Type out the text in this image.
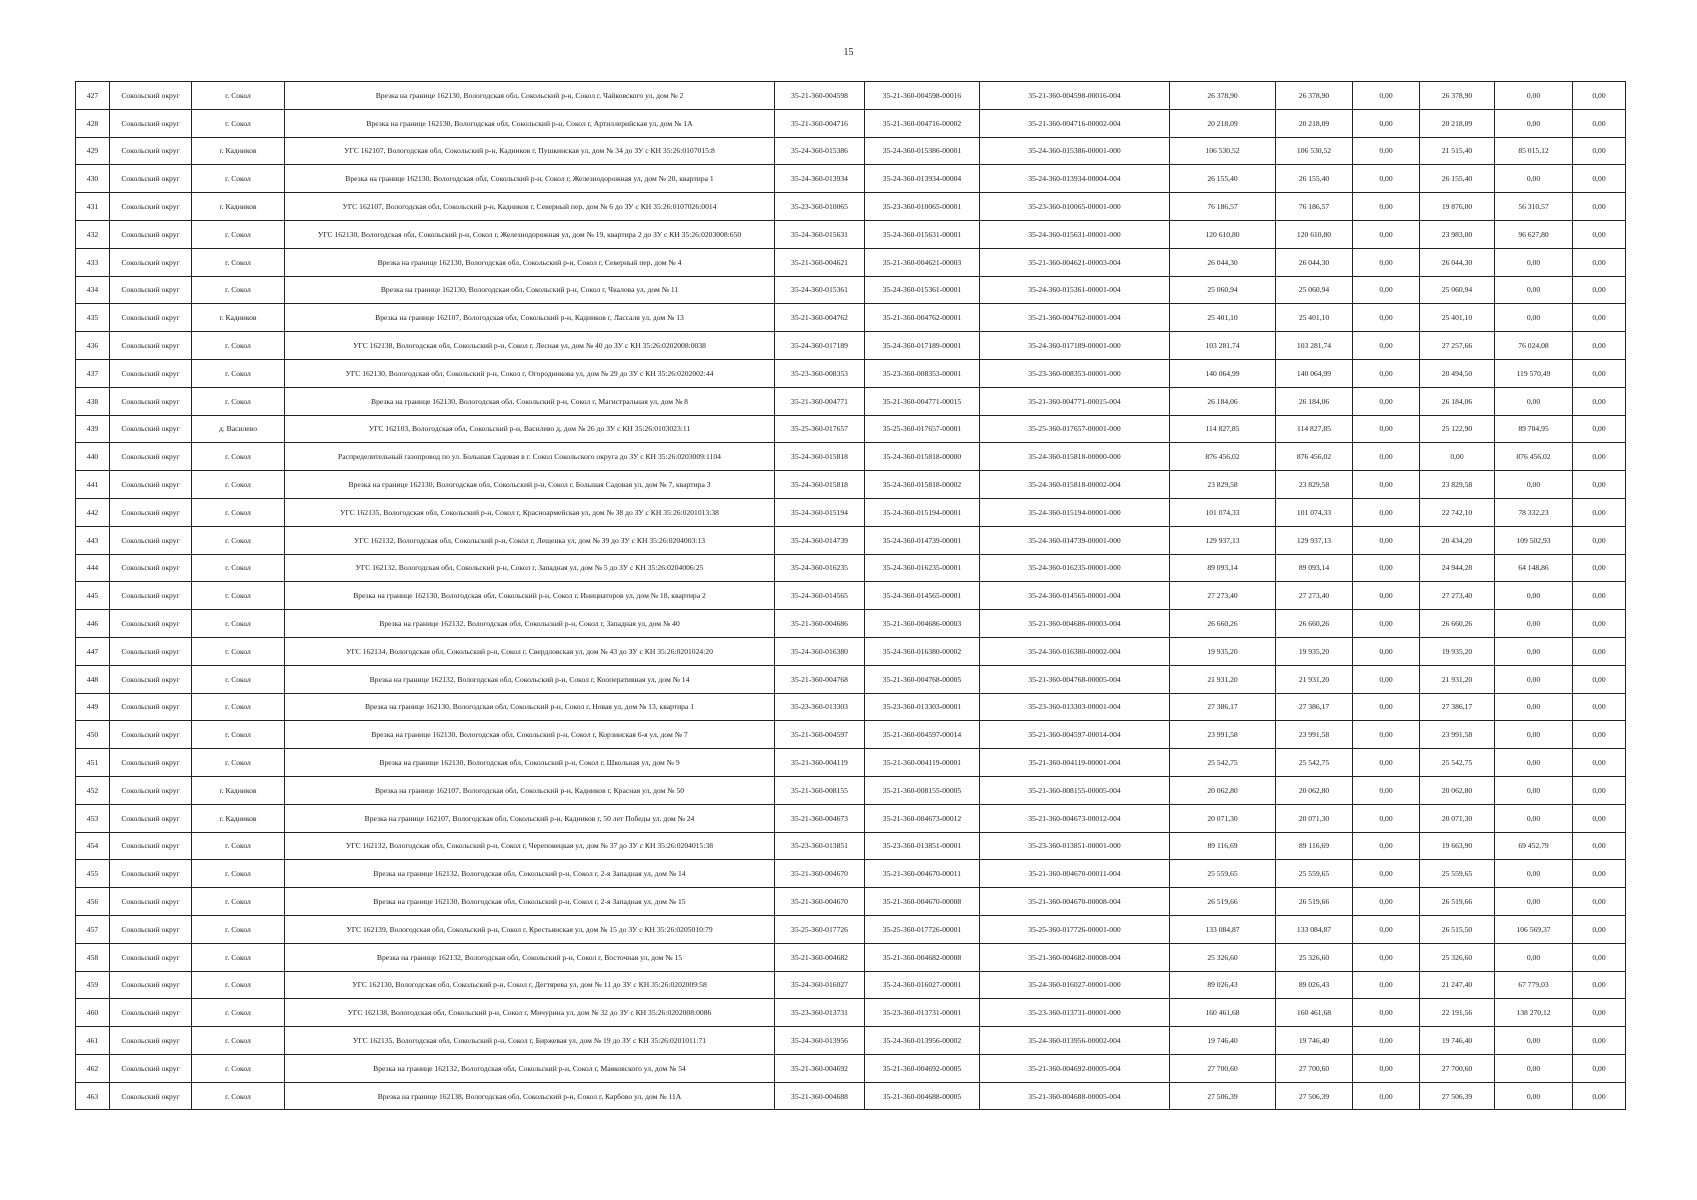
15
427	Сокольский округ	г. Сокол	Врезка на границе 162130, Вологодская обл, Сокольский р-н, Сокол г, Чайковского ул, дом № 2	35-21-360-004598	35-21-360-004598-00016	35-21-360-004598-00016-004	26 378,90	26 378,90	0,00	26 378,90	0,00	0,00
428	Сокольский округ	г. Сокол	Врезка на границе 162130, Вологодская обл, Сокольский р-н, Сокол г, Артиллерийская ул, дом № 1А	35-21-360-004716	35-21-360-004716-00002	35-21-360-004716-00002-004	20 218,09	20 218,09	0,00	20 218,09	0,00	0,00
429	Сокольский округ	г. Кадников	УГС 162107, Вологодская обл, Сокольский р-н, Кадников г, Пушкинская ул, дом № 34 до ЗУ с КН 35:26:0107015:8	35-24-360-015386	35-24-360-015386-00001	35-24-360-015386-00001-000	106 530,52	106 530,52	0,00	21 515,40	85 015,12	0,00
430	Сокольский округ	г. Сокол	Врезка на границе 162130, Вологодская обл, Сокольский р-н, Сокол г, Железнодорожная ул, дом № 20, квартира 1	35-24-360-013934	35-24-360-013934-00004	35-24-360-013934-00004-004	26 155,40	26 155,40	0,00	26 155,40	0,00	0,00
431	Сокольский округ	г. Кадников	УГС 162107, Вологодская обл, Сокольский р-н, Кадников г, Северный пер, дом № 6 до ЗУ с КН 35:26:0107026:0014	35-23-360-010065	35-23-360-010065-00001	35-23-360-010065-00001-000	76 186,57	76 186,57	0,00	19 876,00	56 310,57	0,00
432	Сокольский округ	г. Сокол	УГС 162130, Вологодская обл, Сокольский р-н, Сокол г, Железнодорожная ул, дом № 19, квартира 2 до ЗУ с КН 35:26:0203008:650	35-24-360-015631	35-24-360-015631-00001	35-24-360-015631-00001-000	120 610,80	120 610,80	0,00	23 983,00	96 627,80	0,00
433	Сокольский округ	г. Сокол	Врезка на границе 162130, Вологодская обл, Сокольский р-н, Сокол г, Северный пер, дом № 4	35-21-360-004621	35-21-360-004621-00003	35-21-360-004621-00003-004	26 044,30	26 044,30	0,00	26 044,30	0,00	0,00
434	Сокольский округ	г. Сокол	Врезка на границе 162130, Вологодская обл, Сокольский р-н, Сокол г, Чкалова ул, дом № 11	35-24-360-015361	35-24-360-015361-00001	35-24-360-015361-00001-004	25 060,94	25 060,94	0,00	25 060,94	0,00	0,00
435	Сокольский округ	г. Кадников	Врезка на границе 162107, Вологодская обл, Сокольский р-н, Кадников г, Лассаля ул, дом № 13	35-21-360-004762	35-21-360-004762-00001	35-21-360-004762-00001-004	25 401,10	25 401,10	0,00	25 401,10	0,00	0,00
436	Сокольский округ	г. Сокол	УГС 162138, Вологодская обл, Сокольский р-н, Сокол г, Лесная ул, дом № 40 до ЗУ с КН 35:26:0202008:0038	35-24-360-017189	35-24-360-017189-00001	35-24-360-017189-00001-000	103 281,74	103 281,74	0,00	27 257,66	76 024,08	0,00
437	Сокольский округ	г. Сокол	УГС 162130, Вологодская обл, Сокольский р-н, Сокол г, Огородникова ул, дом № 29 до ЗУ с КН 35:26:0202002:44	35-23-360-008353	35-23-360-008353-00001	35-23-360-008353-00001-000	140 064,99	140 064,99	0,00	20 494,50	119 570,49	0,00
438	Сокольский округ	г. Сокол	Врезка на границе 162130, Вологодская обл, Сокольский р-н, Сокол г, Магистральная ул, дом № 8	35-21-360-004771	35-21-360-004771-00015	35-21-360-004771-00015-004	26 184,06	26 184,06	0,00	26 184,06	0,00	0,00
439	Сокольский округ	д. Василево	УГС 162103, Вологодская обл, Сокольский р-н, Василево д, дом № 26 до ЗУ с КН 35:26:0103023:11	35-25-360-017657	35-25-360-017657-00001	35-25-360-017657-00001-000	114 827,85	114 827,85	0,00	25 122,90	89 704,95	0,00
440	Сокольский округ	г. Сокол	Распределительный газопровод по ул. Большая Садовая в г. Сокол Сокольского округа до ЗУ с КН 35:26:0203009:1104	35-24-360-015818	35-24-360-015818-00000	35-24-360-015818-00000-000	876 456,02	876 456,02	0,00	0,00	876 456,02	0,00
441	Сокольский округ	г. Сокол	Врезка на границе 162130, Вологодская обл, Сокольский р-н, Сокол г, Большая Садовая ул, дом № 7, квартира 3	35-24-360-015818	35-24-360-015818-00002	35-24-360-015818-00002-004	23 829,58	23 829,58	0,00	23 829,58	0,00	0,00
442	Сокольский округ	г. Сокол	УГС 162135, Вологодская обл, Сокольский р-н, Сокол г, Красноармейская ул, дом № 38 до ЗУ с КН 35:26:0201013:38	35-24-360-015194	35-24-360-015194-00001	35-24-360-015194-00001-000	101 074,33	101 074,33	0,00	22 742,10	78 332,23	0,00
443	Сокольский округ	г. Сокол	УГС 162132, Вологодская обл, Сокольский р-н, Сокол г, Лещенка ул, дом № 39 до ЗУ с КН 35:26:0204003:13	35-24-360-014739	35-24-360-014739-00001	35-24-360-014739-00001-000	129 937,13	129 937,13	0,00	20 434,20	109 502,93	0,00
444	Сокольский округ	г. Сокол	УГС 162132, Вологодская обл, Сокольский р-н, Сокол г, Западная ул, дом № 5 до ЗУ с КН 35:26:0204006:25	35-24-360-016235	35-24-360-016235-00001	35-24-360-016235-00001-000	89 093,14	89 093,14	0,00	24 944,28	64 148,86	0,00
445	Сокольский округ	г. Сокол	Врезка на границе 162130, Вологодская обл, Сокольский р-н, Сокол г, Инициаторов ул, дом № 18, квартира 2	35-24-360-014565	35-24-360-014565-00001	35-24-360-014565-00001-004	27 273,40	27 273,40	0,00	27 273,40	0,00	0,00
446	Сокольский округ	г. Сокол	Врезка на границе 162132, Вологодская обл, Сокольский р-н, Сокол г, Западная ул, дом № 40	35-21-360-004686	35-21-360-004686-00003	35-21-360-004686-00003-004	26 660,26	26 660,26	0,00	26 660,26	0,00	0,00
447	Сокольский округ	г. Сокол	УГС 162134, Вологодская обл, Сокольский р-н, Сокол г, Свердловская ул, дом № 43 до ЗУ с КН 35:26:0201024:20	35-24-360-016380	35-24-360-016380-00002	35-24-360-016380-00002-004	19 935,20	19 935,20	0,00	19 935,20	0,00	0,00
448	Сокольский округ	г. Сокол	Врезка на границе 162132, Вологодская обл, Сокольский р-н, Сокол г, Кооперативная ул, дом № 14	35-21-360-004768	35-21-360-004768-00005	35-21-360-004768-00005-004	21 931,20	21 931,20	0,00	21 931,20	0,00	0,00
449	Сокольский округ	г. Сокол	Врезка на границе 162130, Вологодская обл, Сокольский р-н, Сокол г, Новая ул, дом № 13, квартира 1	35-23-360-013303	35-23-360-013303-00001	35-23-360-013303-00001-004	27 386,17	27 386,17	0,00	27 386,17	0,00	0,00
450	Сокольский округ	г. Сокол	Врезка на границе 162130, Вологодская обл, Сокольский р-н, Сокол г, Корзинская 6-я ул, дом № 7	35-21-360-004597	35-21-360-004597-00014	35-21-360-004597-00014-004	23 991,58	23 991,58	0,00	23 991,58	0,00	0,00
451	Сокольский округ	г. Сокол	Врезка на границе 162130, Вологодская обл, Сокольский р-н, Сокол г, Школьная ул, дом № 9	35-21-360-004119	35-21-360-004119-00001	35-21-360-004119-00001-004	25 542,75	25 542,75	0,00	25 542,75	0,00	0,00
452	Сокольский округ	г. Кадников	Врезка на границе 162107, Вологодская обл, Сокольский р-н, Кадников г, Красная ул, дом № 50	35-21-360-008155	35-21-360-008155-00005	35-21-360-008155-00005-004	20 062,80	20 062,80	0,00	20 062,80	0,00	0,00
453	Сокольский округ	г. Кадников	Врезка на границе 162107, Вологодская обл, Сокольский р-н, Кадников г, 50 лет Победы ул, дом № 24	35-21-360-004673	35-21-360-004673-00012	35-21-360-004673-00012-004	20 071,30	20 071,30	0,00	20 071,30	0,00	0,00
454	Сокольский округ	г. Сокол	УГС 162132, Вологодская обл, Сокольский р-н, Сокол г, Череповецкая ул, дом № 37 до ЗУ с КН 35:26:0204015:38	35-23-360-013851	35-23-360-013851-00001	35-23-360-013851-00001-000	89 116,69	89 116,69	0,00	19 663,90	69 452,79	0,00
455	Сокольский округ	г. Сокол	Врезка на границе 162132, Вологодская обл, Сокольский р-н, Сокол г, 2-я Западная ул, дом № 14	35-21-360-004670	35-21-360-004670-00011	35-21-360-004670-00011-004	25 559,65	25 559,65	0,00	25 559,65	0,00	0,00
456	Сокольский округ	г. Сокол	Врезка на границе 162130, Вологодская обл, Сокольский р-н, Сокол г, 2-я Западная ул, дом № 15	35-21-360-004670	35-21-360-004670-00008	35-21-360-004670-00008-004	26 519,66	26 519,66	0,00	26 519,66	0,00	0,00
457	Сокольский округ	г. Сокол	УГС 162139, Вологодская обл, Сокольский р-н, Сокол г, Крестьянская ул, дом № 15 до ЗУ с КН 35:26:0205010:79	35-25-360-017726	35-25-360-017726-00001	35-25-360-017726-00001-000	133 084,87	133 084,87	0,00	26 515,50	106 569,37	0,00
458	Сокольский округ	г. Сокол	Врезка на границе 162132, Вологодская обл, Сокольский р-н, Сокол г, Восточная ул, дом № 15	35-21-360-004682	35-21-360-004682-00008	35-21-360-004682-00008-004	25 326,60	25 326,60	0,00	25 326,60	0,00	0,00
459	Сокольский округ	г. Сокол	УГС 162130, Вологодская обл, Сокольский р-н, Сокол г, Дегтярева ул, дом № 11 до ЗУ с КН 35:26:0202009:58	35-24-360-016027	35-24-360-016027-00001	35-24-360-016027-00001-000	89 026,43	89 026,43	0,00	21 247,40	67 779,03	0,00
460	Сокольский округ	г. Сокол	УГС 162138, Вологодская обл, Сокольский р-н, Сокол г, Мичурина ул, дом № 32 до ЗУ с КН 35:26:0202008:0086	35-23-360-013731	35-23-360-013731-00001	35-23-360-013731-00001-000	160 461,68	160 461,68	0,00	22 191,56	138 270,12	0,00
461	Сокольский округ	г. Сокол	УГС 162135, Вологодская обл, Сокольский р-н, Сокол г, Биржевая ул, дом № 19 до ЗУ с КН 35:26:0201011:71	35-24-360-013956	35-24-360-013956-00002	35-24-360-013956-00002-004	19 746,40	19 746,40	0,00	19 746,40	0,00	0,00
462	Сокольский округ	г. Сокол	Врезка на границе 162132, Вологодская обл, Сокольский р-н, Сокол г, Маяковского ул, дом № 54	35-21-360-004692	35-21-360-004692-00005	35-21-360-004692-00005-004	27 700,60	27 700,60	0,00	27 700,60	0,00	0,00
463	Сокольский округ	г. Сокол	Врезка на границе 162138, Вологодская обл, Сокольский р-н, Сокол г, Карбово ул, дом № 11А	35-21-360-004688	35-21-360-004688-00005	35-21-360-004688-00005-004	27 506,39	27 506,39	0,00	27 506,39	0,00	0,00
